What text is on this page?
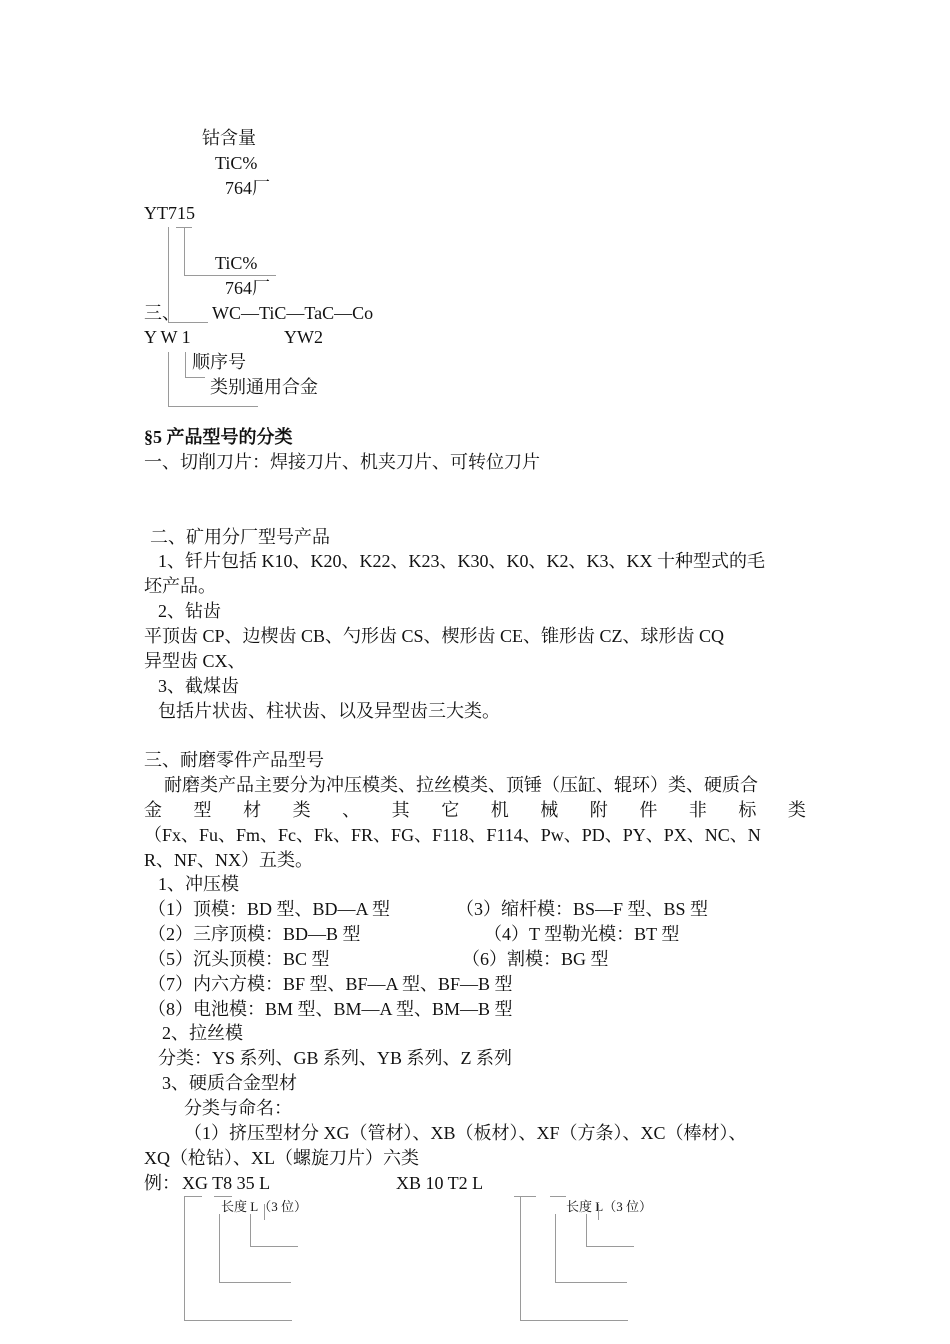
钴含量
TiC%
764厂
YT715
TiC%
764厂
三、 WC—TiC—TaC—Co
Y W 1	YW2
顺序号
类别通用合金
§5 产品型号的分类
一、切削刀片：焊接刀片、机夹刀片、可转位刀片
二、矿用分厂型号产品
1、钎片包括 K10、K20、K22、K23、K30、K0、K2、K3、KX 十种型式的毛
坯产品。
2、钻齿
平顶齿 CP、边楔齿 CB、勺形齿 CS、楔形齿 CE、锥形齿 CZ、球形齿 CQ
异型齿 CX、
3、截煤齿
包括片状齿、柱状齿、以及异型齿三大类。
三、耐磨零件产品型号
耐磨类产品主要分为冲压模类、拉丝模类、顶锤（压缸、辊环）类、硬质合
金 型 材 类 、 其 它 机 械 附 件 非 标 类
（Fx、Fu、Fm、Fc、Fk、FR、FG、F118、F114、Pw、PD、PY、PX、NC、N
R、NF、NX）五类。
1、冲压模
（1）顶模：BD 型、BD—A 型	（3）缩杆模：BS—F 型、BS 型
（2）三序顶模：BD—B 型	（4）T 型勒光模：BT 型
（5）沉头顶模：BC 型	（6）割模：BG 型
（7）内六方模：BF 型、BF—A 型、BF—B 型
（8）电池模：BM 型、BM—A 型、BM—B 型
2、拉丝模
分类：YS 系列、GB 系列、YB 系列、Z 系列
3、硬质合金型材
分类与命名：
（1）挤压型材分 XG（管材）、XB（板材）、XF（方条）、XC（棒材）、
XQ（枪钻）、XL（螺旋刀片）六类
例： XG T8 35 L	XB 10 T2 L
长度 L（3 位）	长度 L（3 位）
